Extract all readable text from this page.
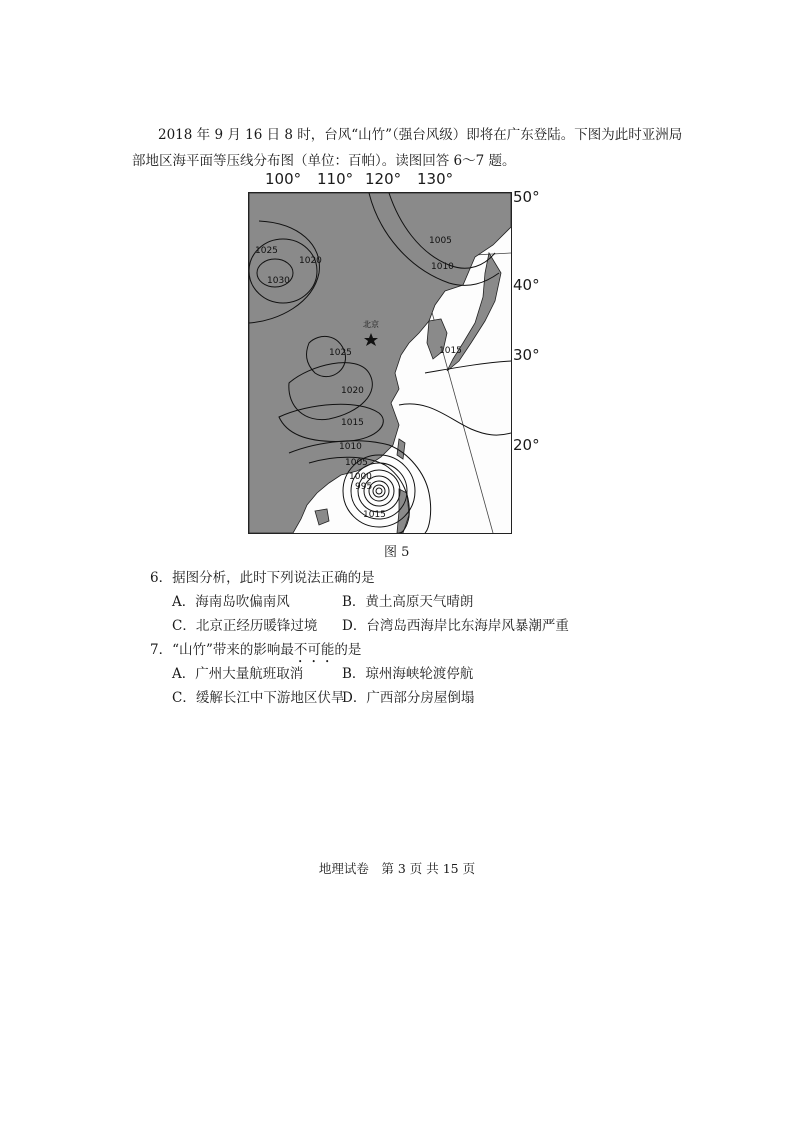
2018 年 9 月 16 日 8 时，台风“山竹”（强台风级）即将在广东登陆。下图为此时亚洲局

部地区海平面等压线分布图（单位：百帕）。读图回答 6～7 题。

100° 110° 120° 130°
50°
40°
30°
20°
1025
1020
1030
1005
1010
1025	1015
1020
1015
1010
1005
1000
995
1015
北京
图 5
6．据图分析，此时下列说法正确的是
A．海南岛吹偏南风	B．黄土高原天气晴朗
C．北京正经历暖锋过境 D．台湾岛西海岸比东海岸风暴潮严重
7．“山竹”带来的影响最不可能的是
A．广州大量航班取消	B．琼州海峡轮渡停航
C．缓解长江中下游地区伏旱D．广西部分房屋倒塌
地理试卷　第 3 页 共 15 页
